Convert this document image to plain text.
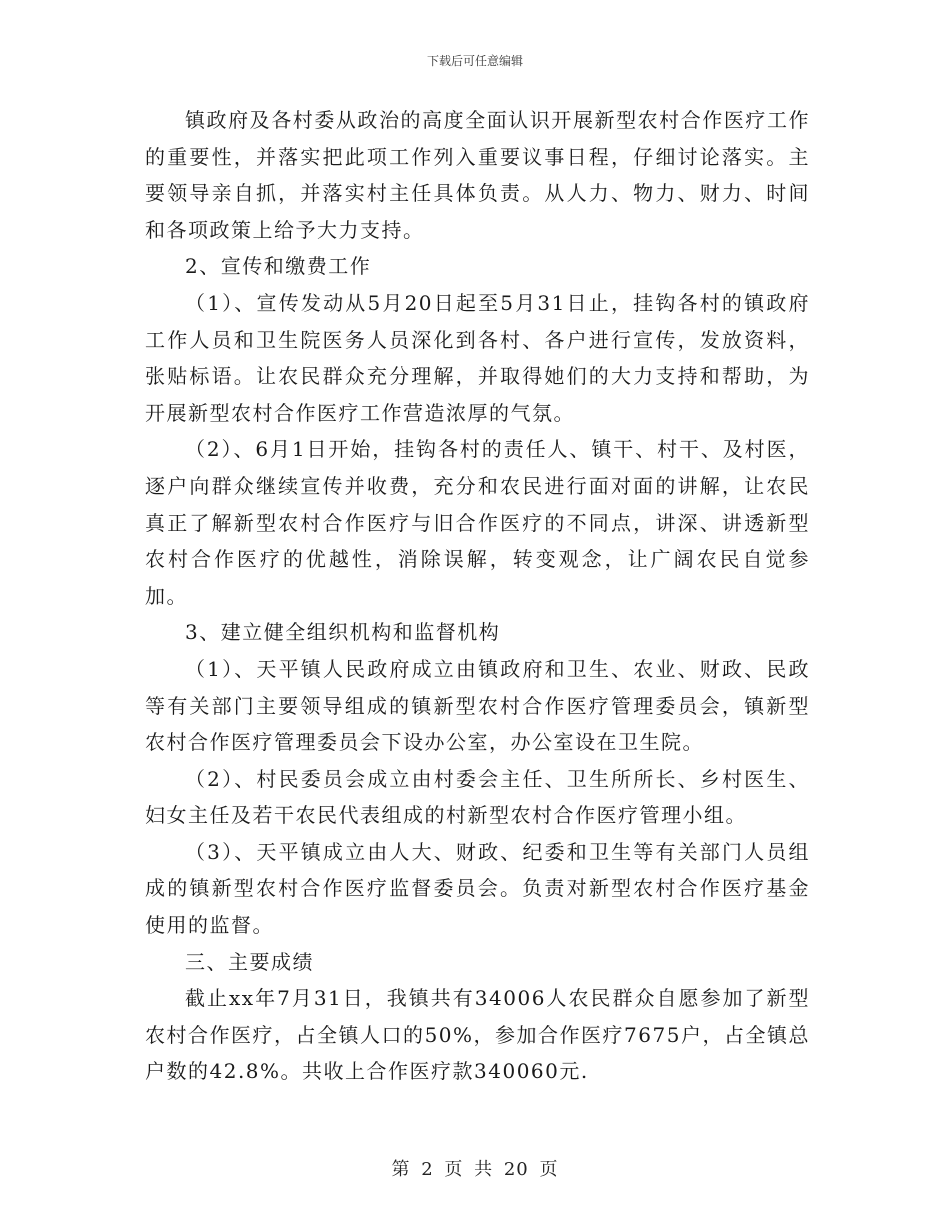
下载后可任意编辑

镇政府及各村委从政治的高度全面认识开展新型农村合作医疗工作的重要性，并落实把此项工作列入重要议事日程，仔细讨论落实。主要领导亲自抓，并落实村主任具体负责。从人力、物力、财力、时间和各项政策上给予大力支持。

2、宣传和缴费工作

（1）、宣传发动从5月20日起至5月31日止，挂钩各村的镇政府工作人员和卫生院医务人员深化到各村、各户进行宣传，发放资料，张贴标语。让农民群众充分理解，并取得她们的大力支持和帮助，为开展新型农村合作医疗工作营造浓厚的气氛。

（2）、6月1日开始，挂钩各村的责任人、镇干、村干、及村医，逐户向群众继续宣传并收费，充分和农民进行面对面的讲解，让农民真正了解新型农村合作医疗与旧合作医疗的不同点，讲深、讲透新型农村合作医疗的优越性，消除误解，转变观念，让广阔农民自觉参加。

3、建立健全组织机构和监督机构

（1）、天平镇人民政府成立由镇政府和卫生、农业、财政、民政等有关部门主要领导组成的镇新型农村合作医疗管理委员会，镇新型农村合作医疗管理委员会下设办公室，办公室设在卫生院。

（2）、村民委员会成立由村委会主任、卫生所所长、乡村医生、妇女主任及若干农民代表组成的村新型农村合作医疗管理小组。

（3）、天平镇成立由人大、财政、纪委和卫生等有关部门人员组成的镇新型农村合作医疗监督委员会。负责对新型农村合作医疗基金使用的监督。

三、主要成绩

截止xx年7月31日，我镇共有34006人农民群众自愿参加了新型农村合作医疗，占全镇人口的50%，参加合作医疗7675户，占全镇总户数的42.8%。共收上合作医疗款340060元.

第 2 页 共 20 页
